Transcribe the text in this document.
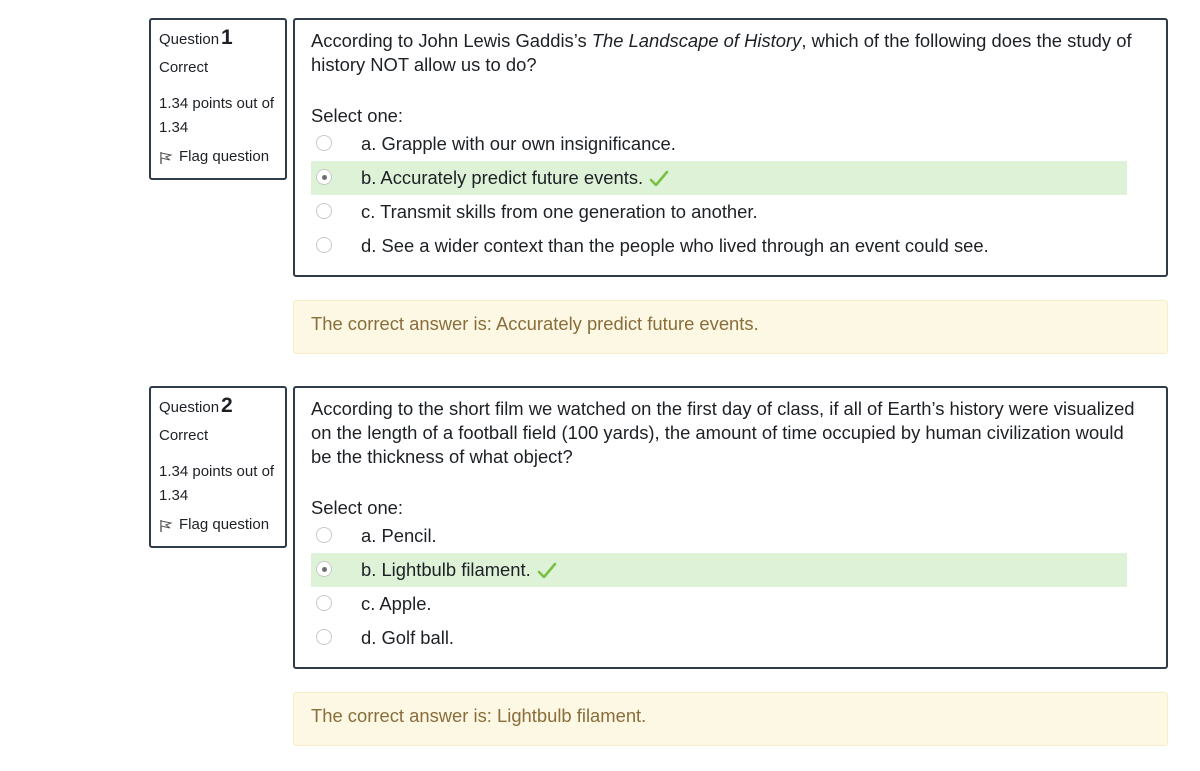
Question1
Correct
1.34 points out of 1.34
Flag question
According to John Lewis Gaddis’s The Landscape of History, which of the following does the study of history NOT allow us to do?
Select one:
a. Grapple with our own insignificance.
b. Accurately predict future events.
c. Transmit skills from one generation to another.
d. See a wider context than the people who lived through an event could see.
The correct answer is: Accurately predict future events.
Question2
Correct
1.34 points out of 1.34
Flag question
According to the short film we watched on the first day of class, if all of Earth’s history were visualized on the length of a football field (100 yards), the amount of time occupied by human civilization would be the thickness of what object?
Select one:
a. Pencil.
b. Lightbulb filament.
c. Apple.
d. Golf ball.
The correct answer is: Lightbulb filament.
